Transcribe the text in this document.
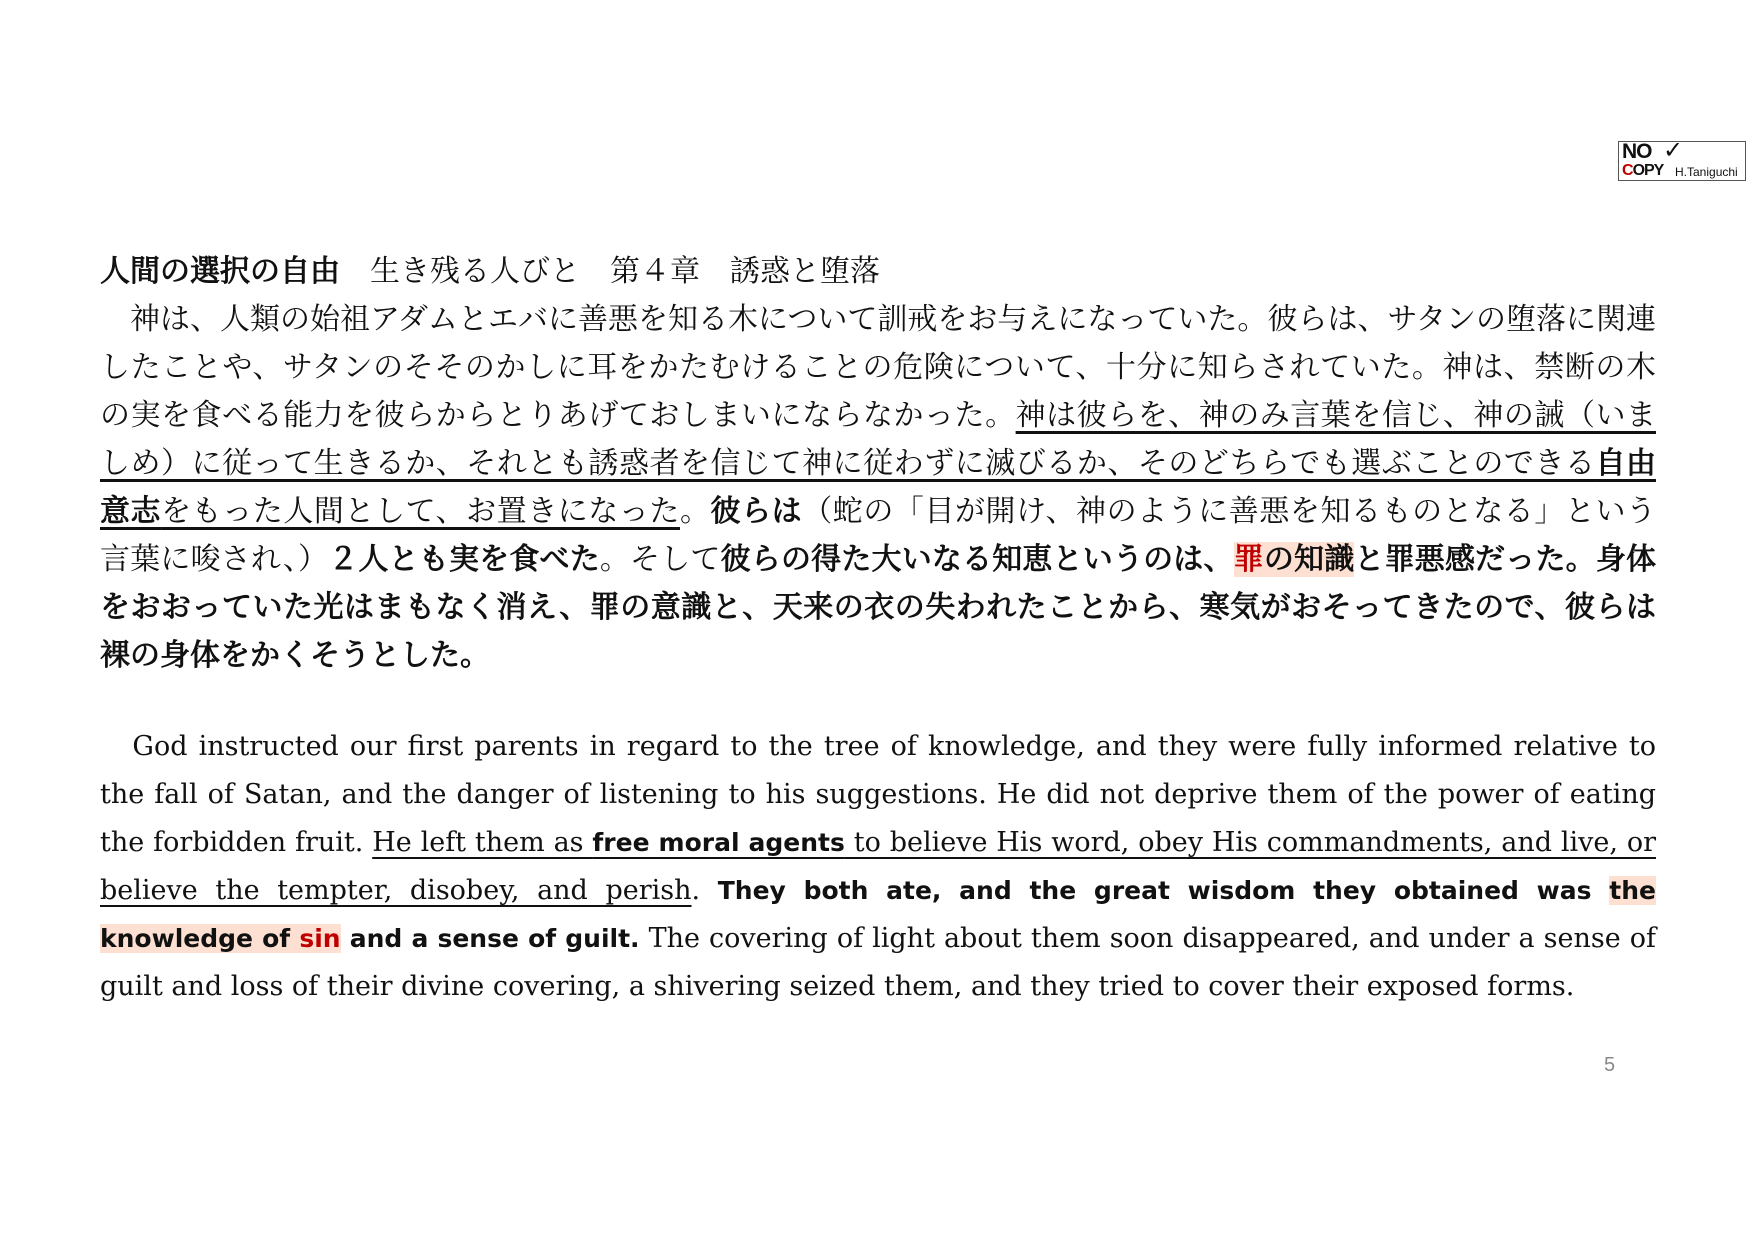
NO ✓
COPY H.Taniguchi
人間の選択の自由　生き残る人びと　第４章　誘惑と堕落

神は、人類の始祖アダムとエバに善悪を知る木について訓戒をお与えになっていた。彼らは、サタンの堕落に関連したことや、サタンのそそのかしに耳をかたむけることの危険について、十分に知らされていた。神は、禁断の木の実を食べる能力を彼らからとりあげておしまいにならなかった。神は彼らを、神のみ言葉を信じ、神の誡（いましめ）に従って生きるか、それとも誘惑者を信じて神に従わずに滅びるか、そのどちらでも選ぶことのできる自由意志をもった人間として、お置きになった。彼らは（蛇の「目が開け、神のように善悪を知るものとなる」という言葉に唆され、）２人とも実を食べた。そして彼らの得た大いなる知恵というのは、罪の知識と罪悪感だった。身体をおおっていた光はまもなく消え、罪の意識と、天来の衣の失われたことから、寒気がおそってきたので、彼らは裸の身体をかくそうとした。

God instructed our first parents in regard to the tree of knowledge, and they were fully informed relative to the fall of Satan, and the danger of listening to his suggestions. He did not deprive them of the power of eating the forbidden fruit. He left them as free moral agents to believe His word, obey His commandments, and live, or believe the tempter, disobey, and perish. They both ate, and the great wisdom they obtained was the knowledge of sin and a sense of guilt. The covering of light about them soon disappeared, and under a sense of guilt and loss of their divine covering, a shivering seized them, and they tried to cover their exposed forms.

5
